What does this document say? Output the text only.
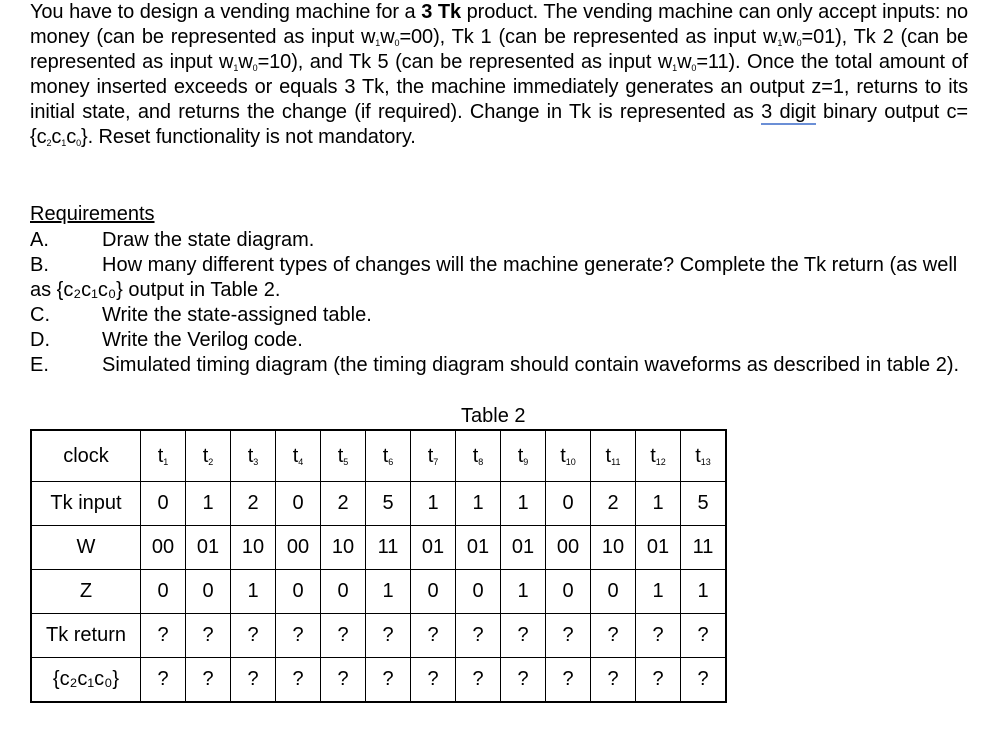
You have to design a vending machine for a 3 Tk product. The vending machine can only accept inputs: no money (can be represented as input $w_1w_0=00$), Tk 1 (can be represented as input $w_1w_0=01$), Tk 2 (can be represented as input $w_1w_0=10$), and Tk 5 (can be represented as input $w_1w_0=11$). Once the total amount of money inserted exceeds or equals 3 Tk, the machine immediately generates an output z=1, returns to its initial state, and returns the change (if required). Change in Tk is represented as 3 digit binary output $c=\{c_2c_1c_0\}$. Reset functionality is not mandatory.

Requirements
A.	Draw the state diagram.
B.	How many different types of changes will the machine generate? Complete the Tk return (as well as {c₂c₁c₀} output in Table 2.
C.	Write the state-assigned table.
D.	Write the Verilog code.
E.	Simulated timing diagram (the timing diagram should contain waveforms as described in table 2).
Table 2
clock	$t_1$	$t_2$	$t_3$	$t_4$	$t_5$	$t_6$	$t_7$	$t_8$	$t_9$	$t_{10}$	$t_{11}$	$t_{12}$	$t_{13}$
Tk input	0	1	2	0	2	5	1	1	1	0	2	1	5
W	00	01	10	00	10	11	01	01	01	00	10	01	11
Z	0	0	1	0	0	1	0	0	1	0	0	1	1
Tk return	?	?	?	?	?	?	?	?	?	?	?	?	?
{c₂c₁c₀}	?	?	?	?	?	?	?	?	?	?	?	?	?
